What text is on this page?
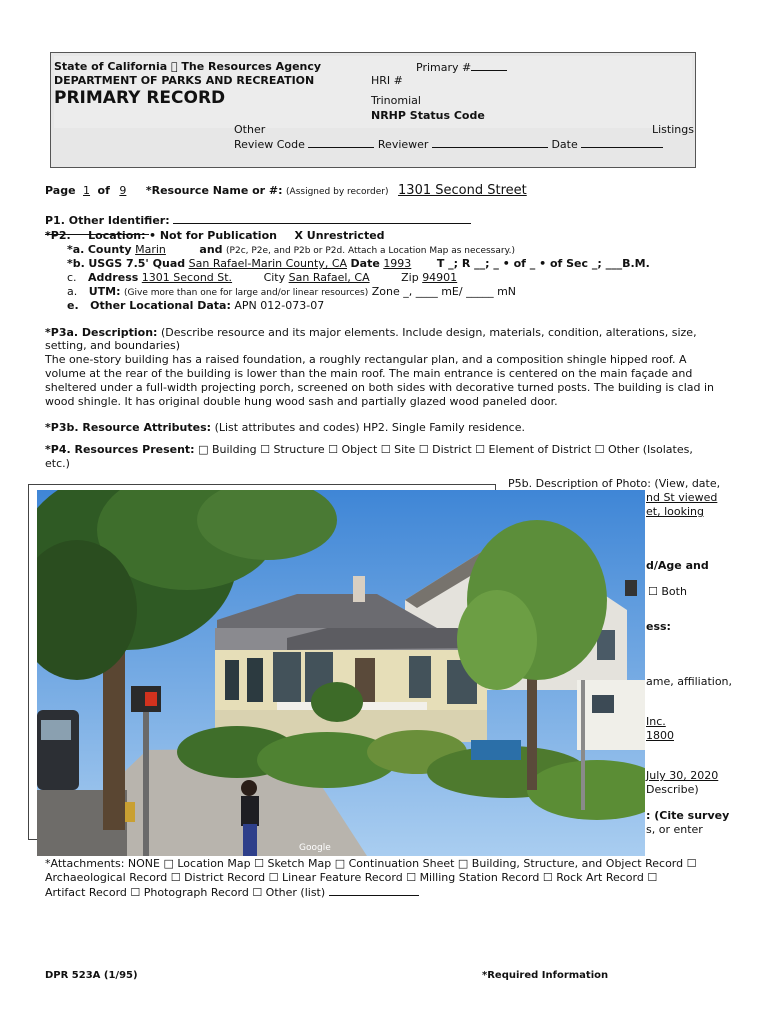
State of California   The Resources Agency
DEPARTMENT OF PARKS AND RECREATION
PRIMARY RECORD
Primary #
HRI #
Trinomial
NRHP Status Code
Other	Listings
Review Code	Reviewer	Date
Page 1 of 9 *Resource Name or #: (Assigned by recorder) 1301 Second Street
P1. Other Identifier:
*P2. Location: • Not for Publication X Unrestricted
*a. County Marin	and (P2c, P2e, and P2b or P2d. Attach a Location Map as necessary.)
*b. USGS 7.5' Quad San Rafael-Marin County, CA Date 1993 T _; R __; _ • of _ • of Sec _; ___B.M.
c. Address 1301 Second St.	City San Rafael, CA	Zip 94901
a. UTM: (Give more than one for large and/or linear resources) Zone _, ____ mE/ _____ mN
e. Other Locational Data: APN 012-073-07
*P3a. Description: (Describe resource and its major elements. Include design, materials, condition, alterations, size,
setting, and boundaries)
The one-story building has a raised foundation, a roughly rectangular plan, and a composition shingle hipped roof. A
volume at the rear of the building is lower than the main roof. The main entrance is centered on the main façade and
sheltered under a full-width projecting porch, screened on both sides with decorative turned posts. The building is clad in
wood shingle. It has original double hung wood sash and partially glazed wood paneled door.
*P3b. Resource Attributes: (List attributes and codes) HP2. Single Family residence.
*P4. Resources Present: □ Building ☐ Structure ☐ Object ☐ Site ☐ District ☐ Element of District ☐ Other (Isolates,
etc.)
P5b. Description of Photo: (View, date,
nd St viewed
et, looking
d/Age and
☐ Both
ess:
ame, affiliation,
Inc.
1800
July 30, 2020
Describe)
: (Cite survey
s, or enter
Google
*Attachments: NONE □ Location Map ☐ Sketch Map □ Continuation Sheet □ Building, Structure, and Object Record ☐
Archaeological Record ☐ District Record ☐ Linear Feature Record ☐ Milling Station Record ☐ Rock Art Record ☐
Artifact Record ☐ Photograph Record ☐ Other (list)
DPR 523A (1/95)	*Required Information
